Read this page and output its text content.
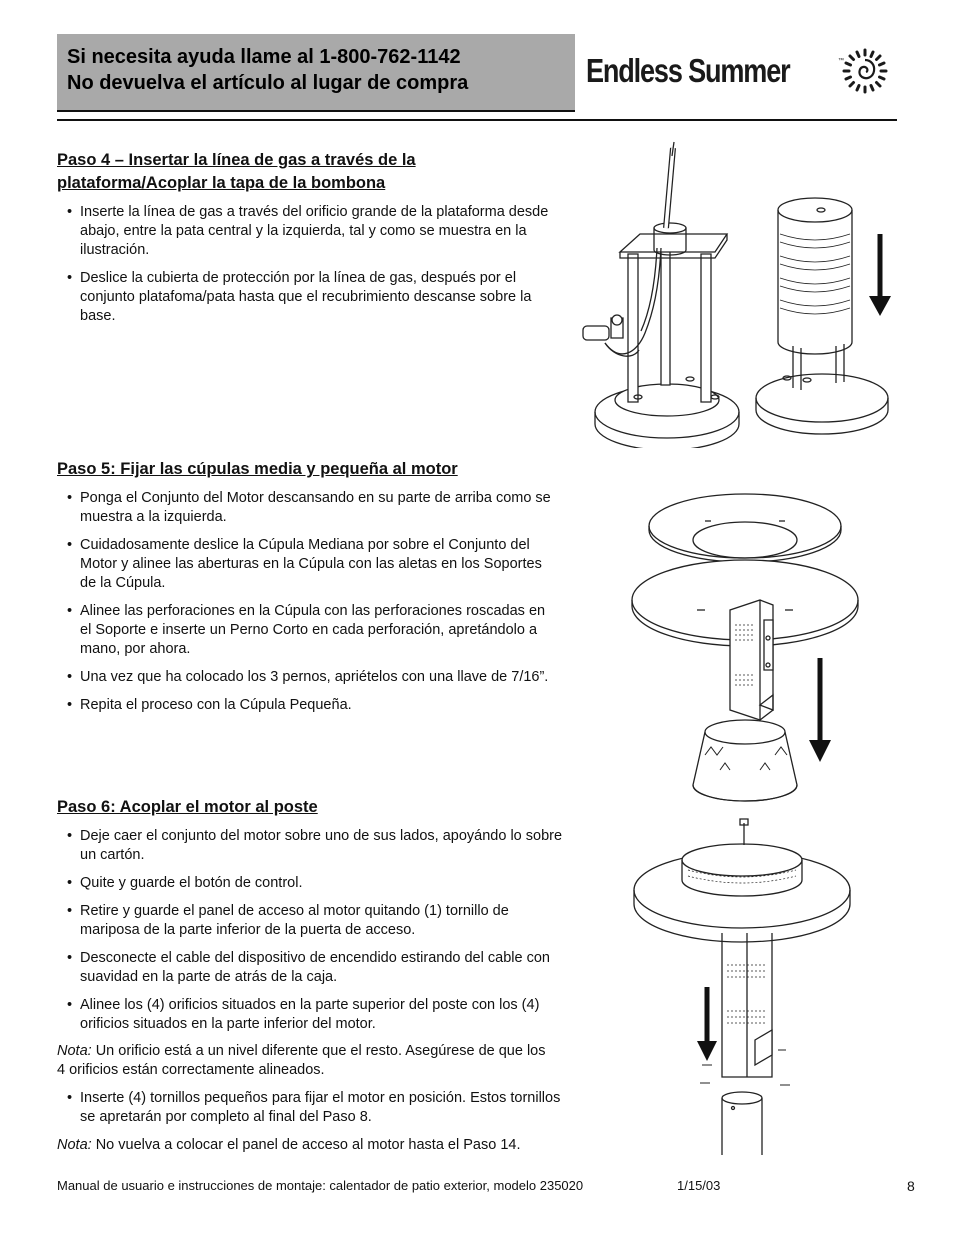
Si necesita ayuda llame al 1-800-762-1142
No devuelva el artículo al lugar de compra	Endless Summer	™
Paso 4 – Insertar la línea de gas a través de la
plataforma/Acoplar la tapa de la bombona
• Inserte la línea de gas a través del orificio grande de la plataforma desde abajo, entre la pata central y la izquierda, tal y como se muestra en la ilustración.
• Deslice la cubierta de protección por la línea de gas, después por el conjunto platafoma/pata hasta que el recubrimiento descanse sobre la base.
Paso 5: Fijar las cúpulas media y pequeña al motor
• Ponga el Conjunto del Motor descansando en su parte de arriba como se muestra a la izquierda.
• Cuidadosamente deslice la Cúpula Mediana por sobre el Conjunto del Motor y alinee las aberturas en la Cúpula con las aletas en los Soportes de la Cúpula.
• Alinee las perforaciones en la Cúpula con las perforaciones roscadas en el Soporte e inserte un Perno Corto en cada perforación, apretándolo a mano, por ahora.
• Una vez que ha colocado los 3 pernos, apriételos con una llave de 7/16”.
• Repita el proceso con la Cúpula Pequeña.
Paso 6: Acoplar el motor al poste
• Deje caer el conjunto del motor sobre uno de sus lados, apoyándo lo sobre un cartón.
• Quite y guarde el botón de control.
• Retire y guarde el panel de acceso al motor quitando (1) tornillo de mariposa de la parte inferior de la puerta de acceso.
• Desconecte el cable del dispositivo de encendido estirando del cable con suavidad en la parte de atrás de la caja.
• Alinee los (4) orificios situados en la parte superior del poste con los (4) orificios situados en la parte inferior del motor.
Nota: Un orificio está a un nivel diferente que el resto. Asegúrese de que los 4 orificios están correctamente alineados.
• Inserte (4) tornillos pequeños para fijar el motor en posición. Estos tornillos se apretarán por completo al final del Paso 8.
Nota: No vuelva a colocar el panel de acceso al motor hasta el Paso 14.
Manual de usuario e instrucciones de montaje: calentador de patio exterior, modelo 235020	1/15/03	8
